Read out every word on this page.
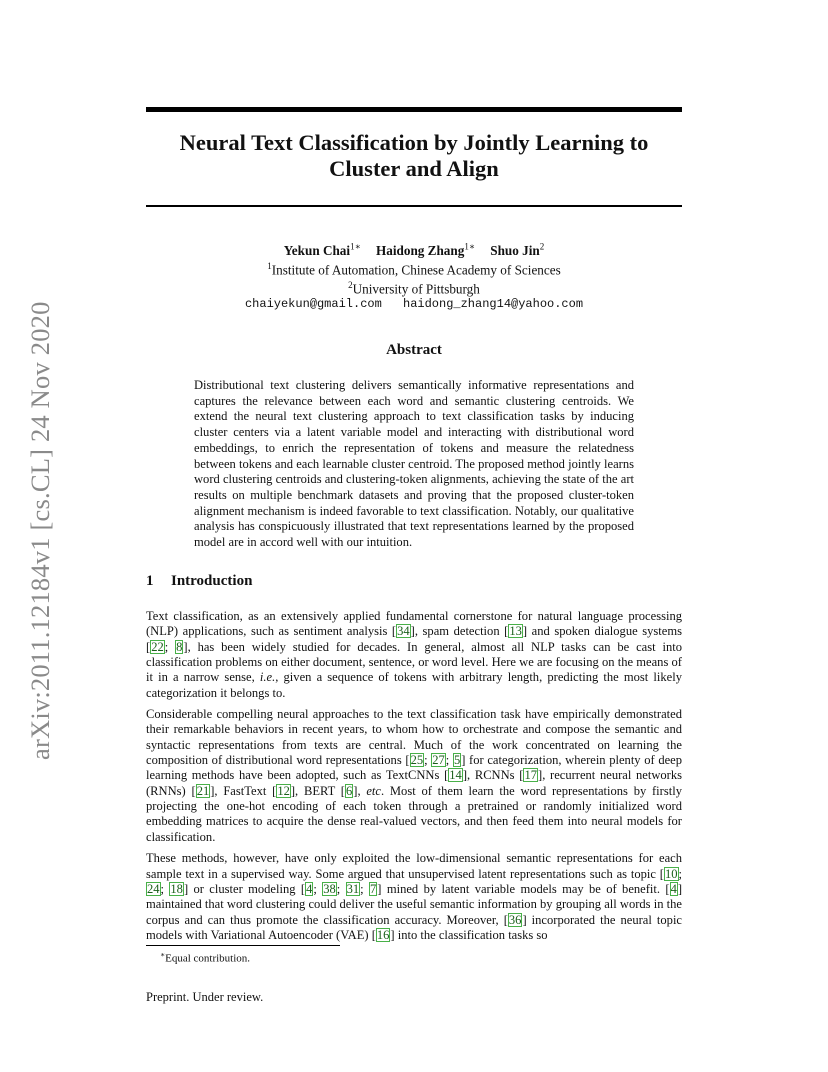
arXiv:2011.12184v1 [cs.CL] 24 Nov 2020
Neural Text Classification by Jointly Learning to
Cluster and Align
Yekun Chai$^{1∗}$ Haidong Zhang$^{1∗}$ Shuo Jin$^2$
$^1$Institute of Automation, Chinese Academy of Sciences
$^2$University of Pittsburgh
chaiyekun@gmail.com haidong_zhang14@yahoo.com
Abstract
Distributional text clustering delivers semantically informative representations and captures the relevance between each word and semantic clustering centroids. We extend the neural text clustering approach to text classification tasks by inducing cluster centers via a latent variable model and interacting with distributional word embeddings, to enrich the representation of tokens and measure the relatedness between tokens and each learnable cluster centroid. The proposed method jointly learns word clustering centroids and clustering-token alignments, achieving the state of the art results on multiple benchmark datasets and proving that the proposed cluster-token alignment mechanism is indeed favorable to text classification. Notably, our qualitative analysis has conspicuously illustrated that text representations learned by the proposed model are in accord well with our intuition.
1 Introduction

Text classification, as an extensively applied fundamental cornerstone for natural language processing (NLP) applications, such as sentiment analysis [34], spam detection [13] and spoken dialogue systems [22; 8], has been widely studied for decades. In general, almost all NLP tasks can be cast into classification problems on either document, sentence, or word level. Here we are focusing on the means of it in a narrow sense, i.e., given a sequence of tokens with arbitrary length, predicting the most likely categorization it belongs to.

Considerable compelling neural approaches to the text classification task have empirically demonstrated their remarkable behaviors in recent years, to whom how to orchestrate and compose the semantic and syntactic representations from texts are central. Much of the work concentrated on learning the composition of distributional word representations [25; 27; 5] for categorization, wherein plenty of deep learning methods have been adopted, such as TextCNNs [14], RCNNs [17], recurrent neural networks (RNNs) [21], FastText [12], BERT [6], etc. Most of them learn the word representations by firstly projecting the one-hot encoding of each token through a pretrained or randomly initialized word embedding matrices to acquire the dense real-valued vectors, and then feed them into neural models for classification.

These methods, however, have only exploited the low-dimensional semantic representations for each sample text in a supervised way. Some argued that unsupervised latent representations such as topic [10; 24; 18] or cluster modeling [4; 38; 31; 7] mined by latent variable models may be of benefit. [4] maintained that word clustering could deliver the useful semantic information by grouping all words in the corpus and can thus promote the classification accuracy. Moreover, [36] incorporated the neural topic models with Variational Autoencoder (VAE) [16] into the classification tasks so

∗Equal contribution.
Preprint. Under review.
